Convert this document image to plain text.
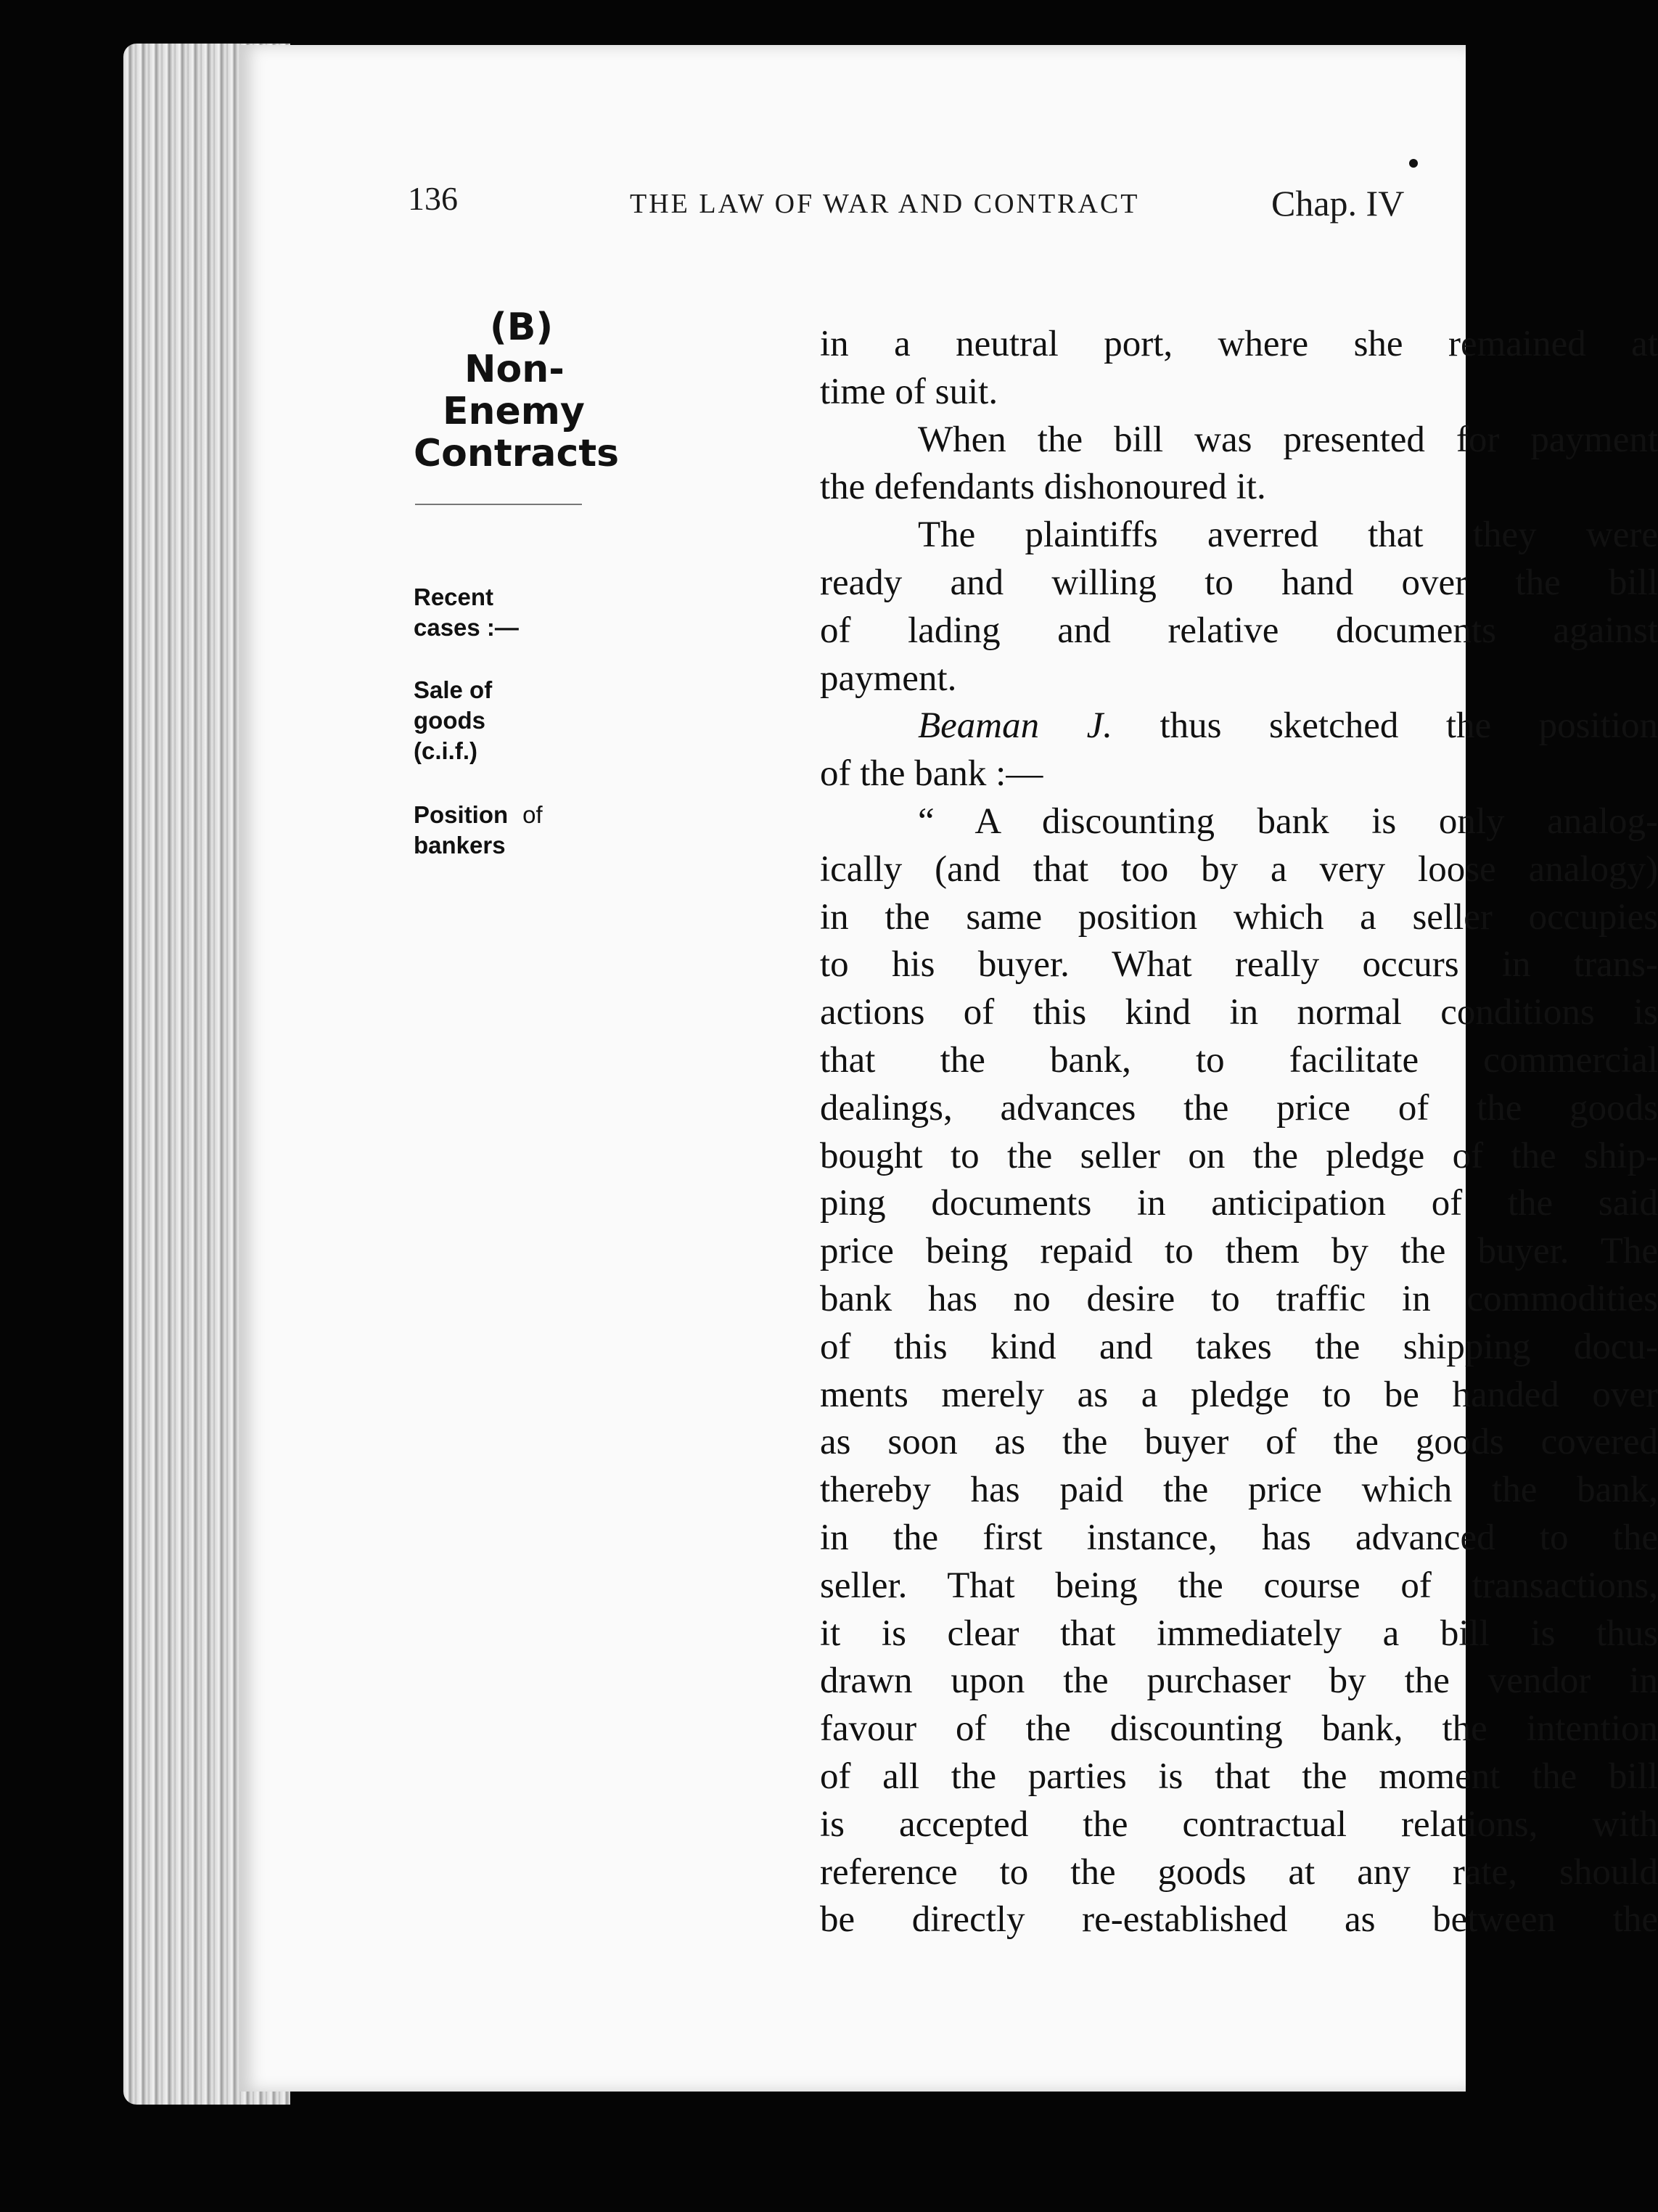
136	THE LAW OF WAR AND CONTRACT	Chap. IV
(B)
Non-
Enemy
Contracts
Recent
cases :—
Sale of
goods
(c.i.f.)
Position of
bankers
in a neutral port, where she remained at
time of suit.
When the bill was presented for payment
the defendants dishonoured it.
The plaintiffs averred that they were
ready and willing to hand over the bill
of lading and relative documents against
payment.
Beaman J. thus sketched the position
of the bank :—
“ A discounting bank is only analog-
ically (and that too by a very loose analogy)
in the same position which a seller occupies
to his buyer. What really occurs in trans-
actions of this kind in normal conditions is
that the bank, to facilitate commercial
dealings, advances the price of the goods
bought to the seller on the pledge of the ship-
ping documents in anticipation of the said
price being repaid to them by the buyer. The
bank has no desire to traffic in commodities
of this kind and takes the shipping docu-
ments merely as a pledge to be handed over
as soon as the buyer of the goods covered
thereby has paid the price which the bank,
in the first instance, has advanced to the
seller. That being the course of transactions,
it is clear that immediately a bill is thus
drawn upon the purchaser by the vendor in
favour of the discounting bank, the intention
of all the parties is that the moment the bill
is accepted the contractual relations, with
reference to the goods at any rate, should
be directly re-established as between the
